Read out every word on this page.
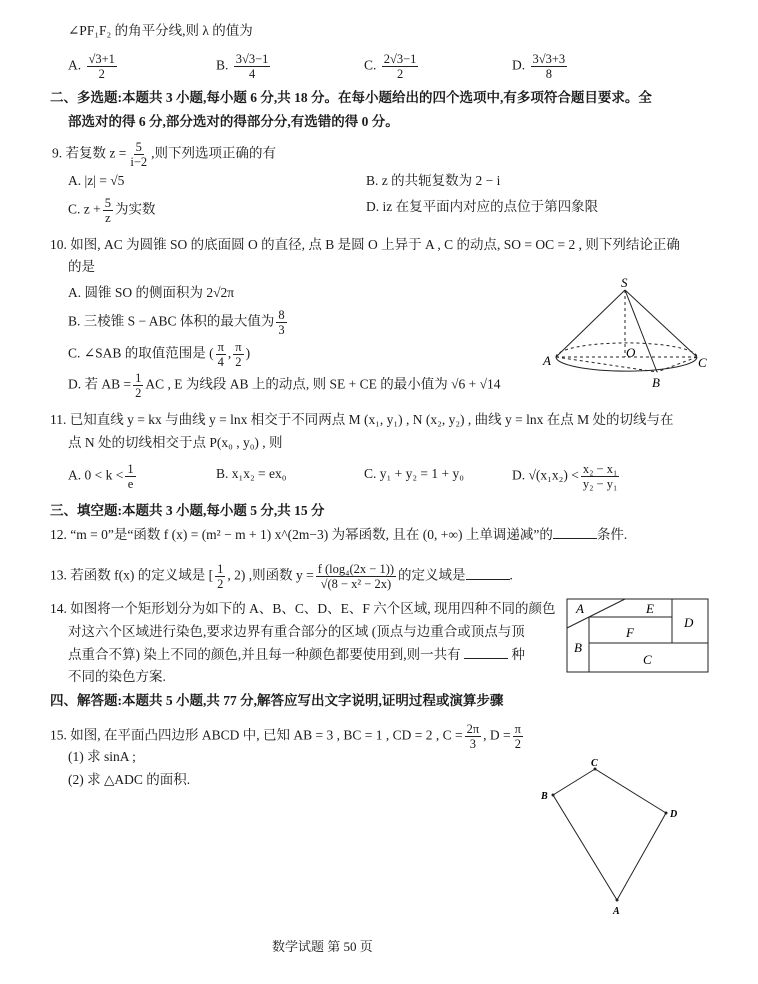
∠PF₁F₂ 的角平分线,则 λ 的值为
A. $\frac{√3+1}{2}$	B. $\frac{3√3-1}{4}$	C. $\frac{2√3-1}{2}$	D. $\frac{3√3+3}{8}$
二、多选题:本题共 3 小题,每小题 6 分,共 18 分。在每小题给出的四个选项中,有多项符合题目要求。全
部选对的得 6 分,部分选对的得部分分,有选错的得 0 分。
9. 若复数 $z = \frac{5}{i-2}$ ,则下列选项正确的有
A. |z| = √5	B. z 的共轭复数为 2 − i
C. $z + \frac{5}{z}$ 为实数	D. iz 在复平面内对应的点位于第四象限
10. 如图, AC 为圆锥 SO 的底面圆 O 的直径, 点 B 是圆 O 上异于 A , C 的动点, SO = OC = 2 , 则下列结论正确
的是
A. 圆锥 SO 的侧面积为 2√2π
B. 三棱锥 S − ABC 体积的最大值为 $\frac{8}{3}$
C. ∠SAB 的取值范围是 ( $\frac{\pi}{4}$ , $\frac{\pi}{2}$ )
D. 若 AB = $\frac{1}{2}$ AC , E 为线段 AB 上的动点, 则 SE + CE 的最小值为 √6 + √14
S
O
A	C
B
11. 已知直线 y = kx 与曲线 y = lnx 相交于不同两点 M (x₁, y₁) , N (x₂, y₂) , 曲线 y = lnx 在点 M 处的切线与在
点 N 处的切线相交于点 P(x₀ , y₀) , 则
A. $0 < k < \frac{1}{e}$	B. x₁x₂ = ex₀	C. y₁ + y₂ = 1 + y₀	D. $√(x_1x_2) < \frac{\text{x₂ − x₁}}{\text{y₂ − y₁}}$
三、填空题:本题共 3 小题,每小题 5 分,共 15 分
12. “m = 0”是“函数 f (x) = (m² − m + 1) x^(2m−3) 为幂函数, 且在 (0, +∞) 上单调递减”的	条件.
13. 若函数 f(x) 的定义域是 [ $\frac{1}{2}$ , 2) ,则函数 $y = \frac{\text{f (log₄(2x − 1))}}{\text{√(8 − x² − 2x)}}$ 的定义域是	.
14. 如图将一个矩形划分为如下的 A、B、C、D、E、F 六个区域, 现用四种不同的颜色
对这六个区域进行染色,要求边界有重合部分的区域 (顶点与边重合或顶点与顶
点重合不算) 染上不同的颜色,并且每一种颜色都要使用到,则一共有	种
不同的染色方案.
A	E
D
F
B
C
四、解答题:本题共 5 小题,共 77 分,解答应写出文字说明,证明过程或演算步骤
15. 如图, 在平面凸四边形 ABCD 中, 已知 AB = 3 , BC = 1 , CD = 2 , $C = \frac{2\pi}{3}$ , $D = \frac{\pi}{2}$
(1) 求 sinA ;
(2) 求 △ADC 的面积.
C
B
D
A
数学试题 第 50 页
